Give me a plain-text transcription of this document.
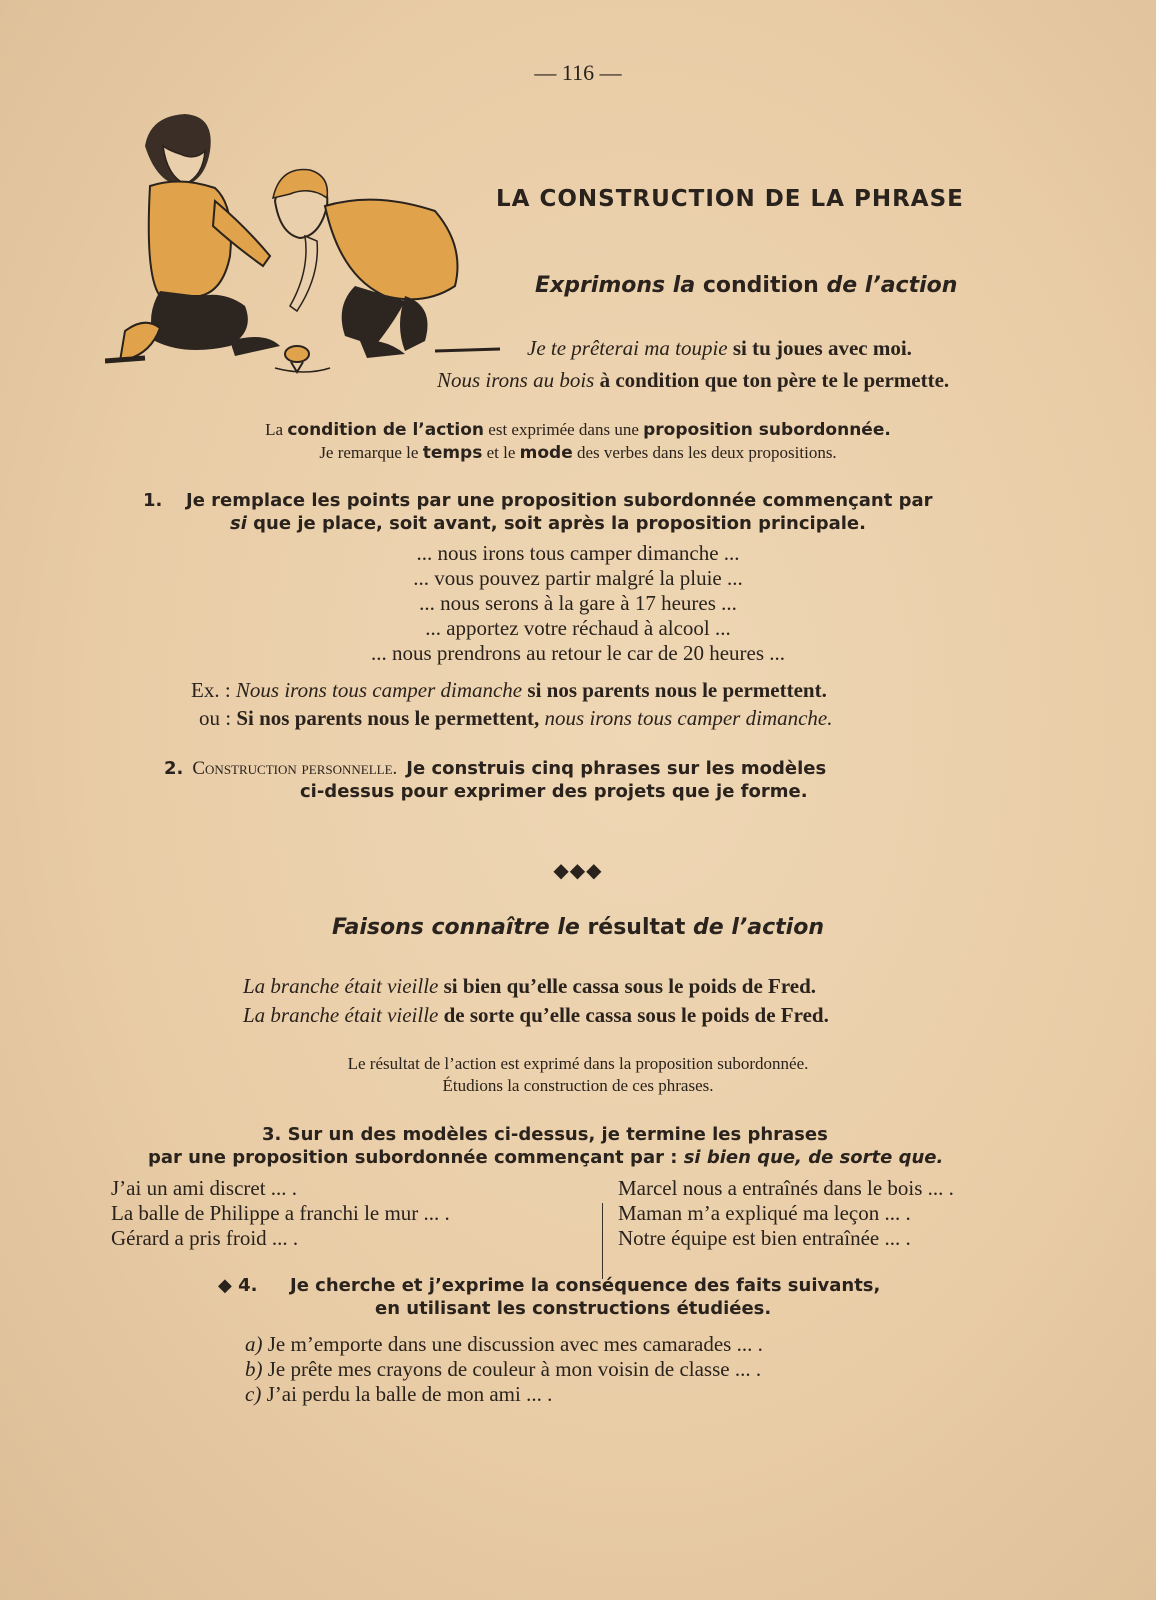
— 116 —
LA CONSTRUCTION DE LA PHRASE
Exprimons la condition de l’action
Je te prêterai ma toupie si tu joues avec moi.
Nous irons au bois à condition que ton père te le permette.
La condition de l’action est exprimée dans une proposition subordonnée.
Je remarque le temps et le mode des verbes dans les deux propositions.
1. Je remplace les points par une proposition subordonnée commençant par
si que je place, soit avant, soit après la proposition principale.
... nous irons tous camper dimanche ...
... vous pouvez partir malgré la pluie ...
... nous serons à la gare à 17 heures ...
... apportez votre réchaud à alcool ...
... nous prendrons au retour le car de 20 heures ...
Ex. : Nous irons tous camper dimanche si nos parents nous le permettent.
ou : Si nos parents nous le permettent, nous irons tous camper dimanche.
2. Construction personnelle. Je construis cinq phrases sur les modèles
ci-dessus pour exprimer des projets que je forme.
◆◆◆
Faisons connaître le résultat de l’action
La branche était vieille si bien qu’elle cassa sous le poids de Fred.
La branche était vieille de sorte qu’elle cassa sous le poids de Fred.
Le résultat de l’action est exprimé dans la proposition subordonnée.
Étudions la construction de ces phrases.
3. Sur un des modèles ci-dessus, je termine les phrases
par une proposition subordonnée commençant par : si bien que, de sorte que.
J’ai un ami discret ... .
La balle de Philippe a franchi le mur ... .
Gérard a pris froid ... .
Marcel nous a entraînés dans le bois ... .
Maman m’a expliqué ma leçon ... .
Notre équipe est bien entraînée ... .
◆ 4. Je cherche et j’exprime la conséquence des faits suivants,
en utilisant les constructions étudiées.
a) Je m’emporte dans une discussion avec mes camarades ... .
b) Je prête mes crayons de couleur à mon voisin de classe ... .
c) J’ai perdu la balle de mon ami ... .
